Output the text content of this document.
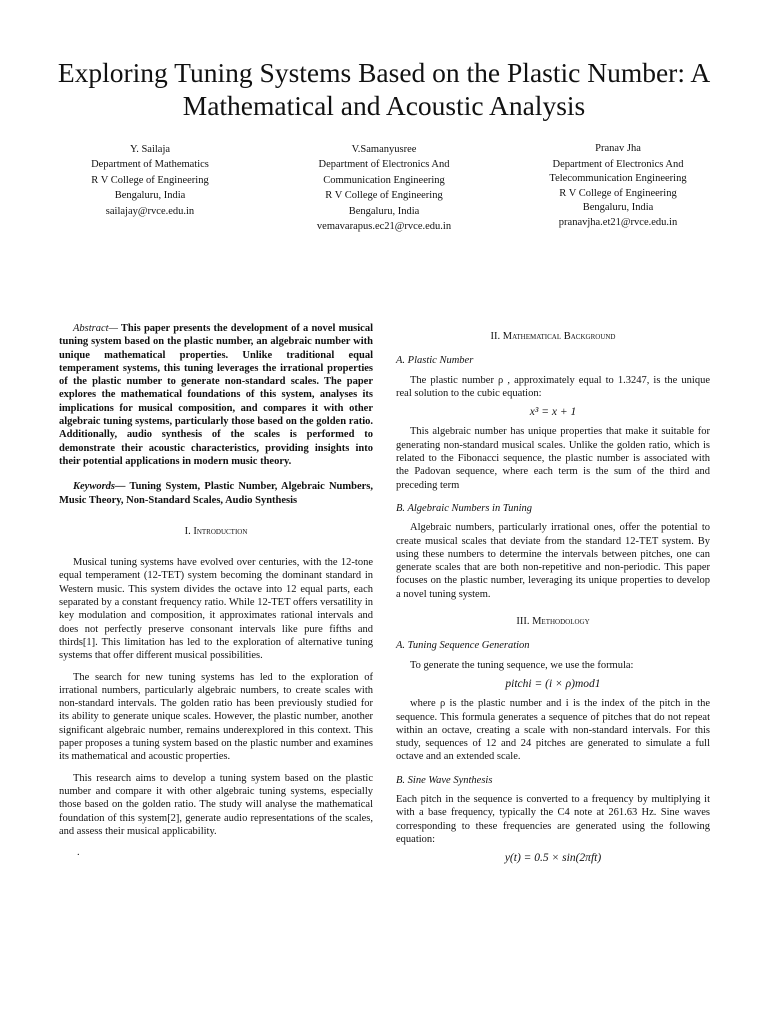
Exploring Tuning Systems Based on the Plastic Number: A Mathematical and Acoustic Analysis
Y. Sailaja
Department of Mathematics
R V College of Engineering
Bengaluru, India
sailajay@rvce.edu.in
V.Samanyusree
Department of Electronics And
Communication Engineering
R V College of Engineering
Bengaluru, India
vemavarapus.ec21@rvce.edu.in
Pranav Jha
Department of Electronics And
Telecommunication Engineering
R V College of Engineering
Bengaluru, India
pranavjha.et21@rvce.edu.in

Abstract— This paper presents the development of a novel musical tuning system based on the plastic number, an algebraic number with unique mathematical properties. Unlike traditional equal temperament systems, this tuning leverages the irrational properties of the plastic number to generate non-standard scales. The paper explores the mathematical foundations of this system, analyses its implications for musical composition, and compares it with other algebraic tuning systems, particularly those based on the golden ratio. Additionally, audio synthesis of the scales is performed to demonstrate their acoustic characteristics, providing insights into their potential applications in modern music theory.

Keywords— Tuning System, Plastic Number, Algebraic Numbers, Music Theory, Non-Standard Scales, Audio Synthesis

I. Introduction

Musical tuning systems have evolved over centuries, with the 12-tone equal temperament (12-TET) system becoming the dominant standard in Western music. This system divides the octave into 12 equal parts, each separated by a constant frequency ratio. While 12-TET offers versatility in key modulation and composition, it approximates rational intervals and does not perfectly preserve consonant intervals like pure fifths and thirds[1]. This limitation has led to the exploration of alternative tuning systems that offer different musical possibilities.

The search for new tuning systems has led to the exploration of irrational numbers, particularly algebraic numbers, to create scales with non-standard intervals. The golden ratio has been previously studied for its ability to generate unique scales. However, the plastic number, another significant algebraic number, remains underexplored in this context. This paper proposes a tuning system based on the plastic number and examines its mathematical and acoustic properties.

This research aims to develop a tuning system based on the plastic number and compare it with other algebraic tuning systems, especially those based on the golden ratio. The study will analyse the mathematical foundation of this system[2], generate audio representations of the scales, and assess their musical applicability.

.
II. Mathematical Background
A. Plastic Number

The plastic number ρ , approximately equal to 1.3247, is the unique real solution to the cubic equation:

x³ = x + 1

This algebraic number has unique properties that make it suitable for generating non-standard musical scales. Unlike the golden ratio, which is related to the Fibonacci sequence, the plastic number is associated with the Padovan sequence, where each term is the sum of the third and preceding term

B. Algebraic Numbers in Tuning

Algebraic numbers, particularly irrational ones, offer the potential to create musical scales that deviate from the standard 12-TET system. By using these numbers to determine the intervals between pitches, one can generate scales that are both non-repetitive and non-periodic. This paper focuses on the plastic number, leveraging its unique properties to develop a novel tuning system.

III. Methodology
A. Tuning Sequence Generation

To generate the tuning sequence, we use the formula:

pitchi = (i × ρ)mod1

where ρ is the plastic number and i is the index of the pitch in the sequence. This formula generates a sequence of pitches that do not repeat within an octave, creating a scale with non-standard intervals. For this study, sequences of 12 and 24 pitches are generated to simulate a full octave and an extended scale.

B. Sine Wave Synthesis

Each pitch in the sequence is converted to a frequency by multiplying it with a base frequency, typically the C4 note at 261.63 Hz. Sine waves corresponding to these frequencies are generated using the following equation:

y(t) = 0.5 × sin(2πft)
